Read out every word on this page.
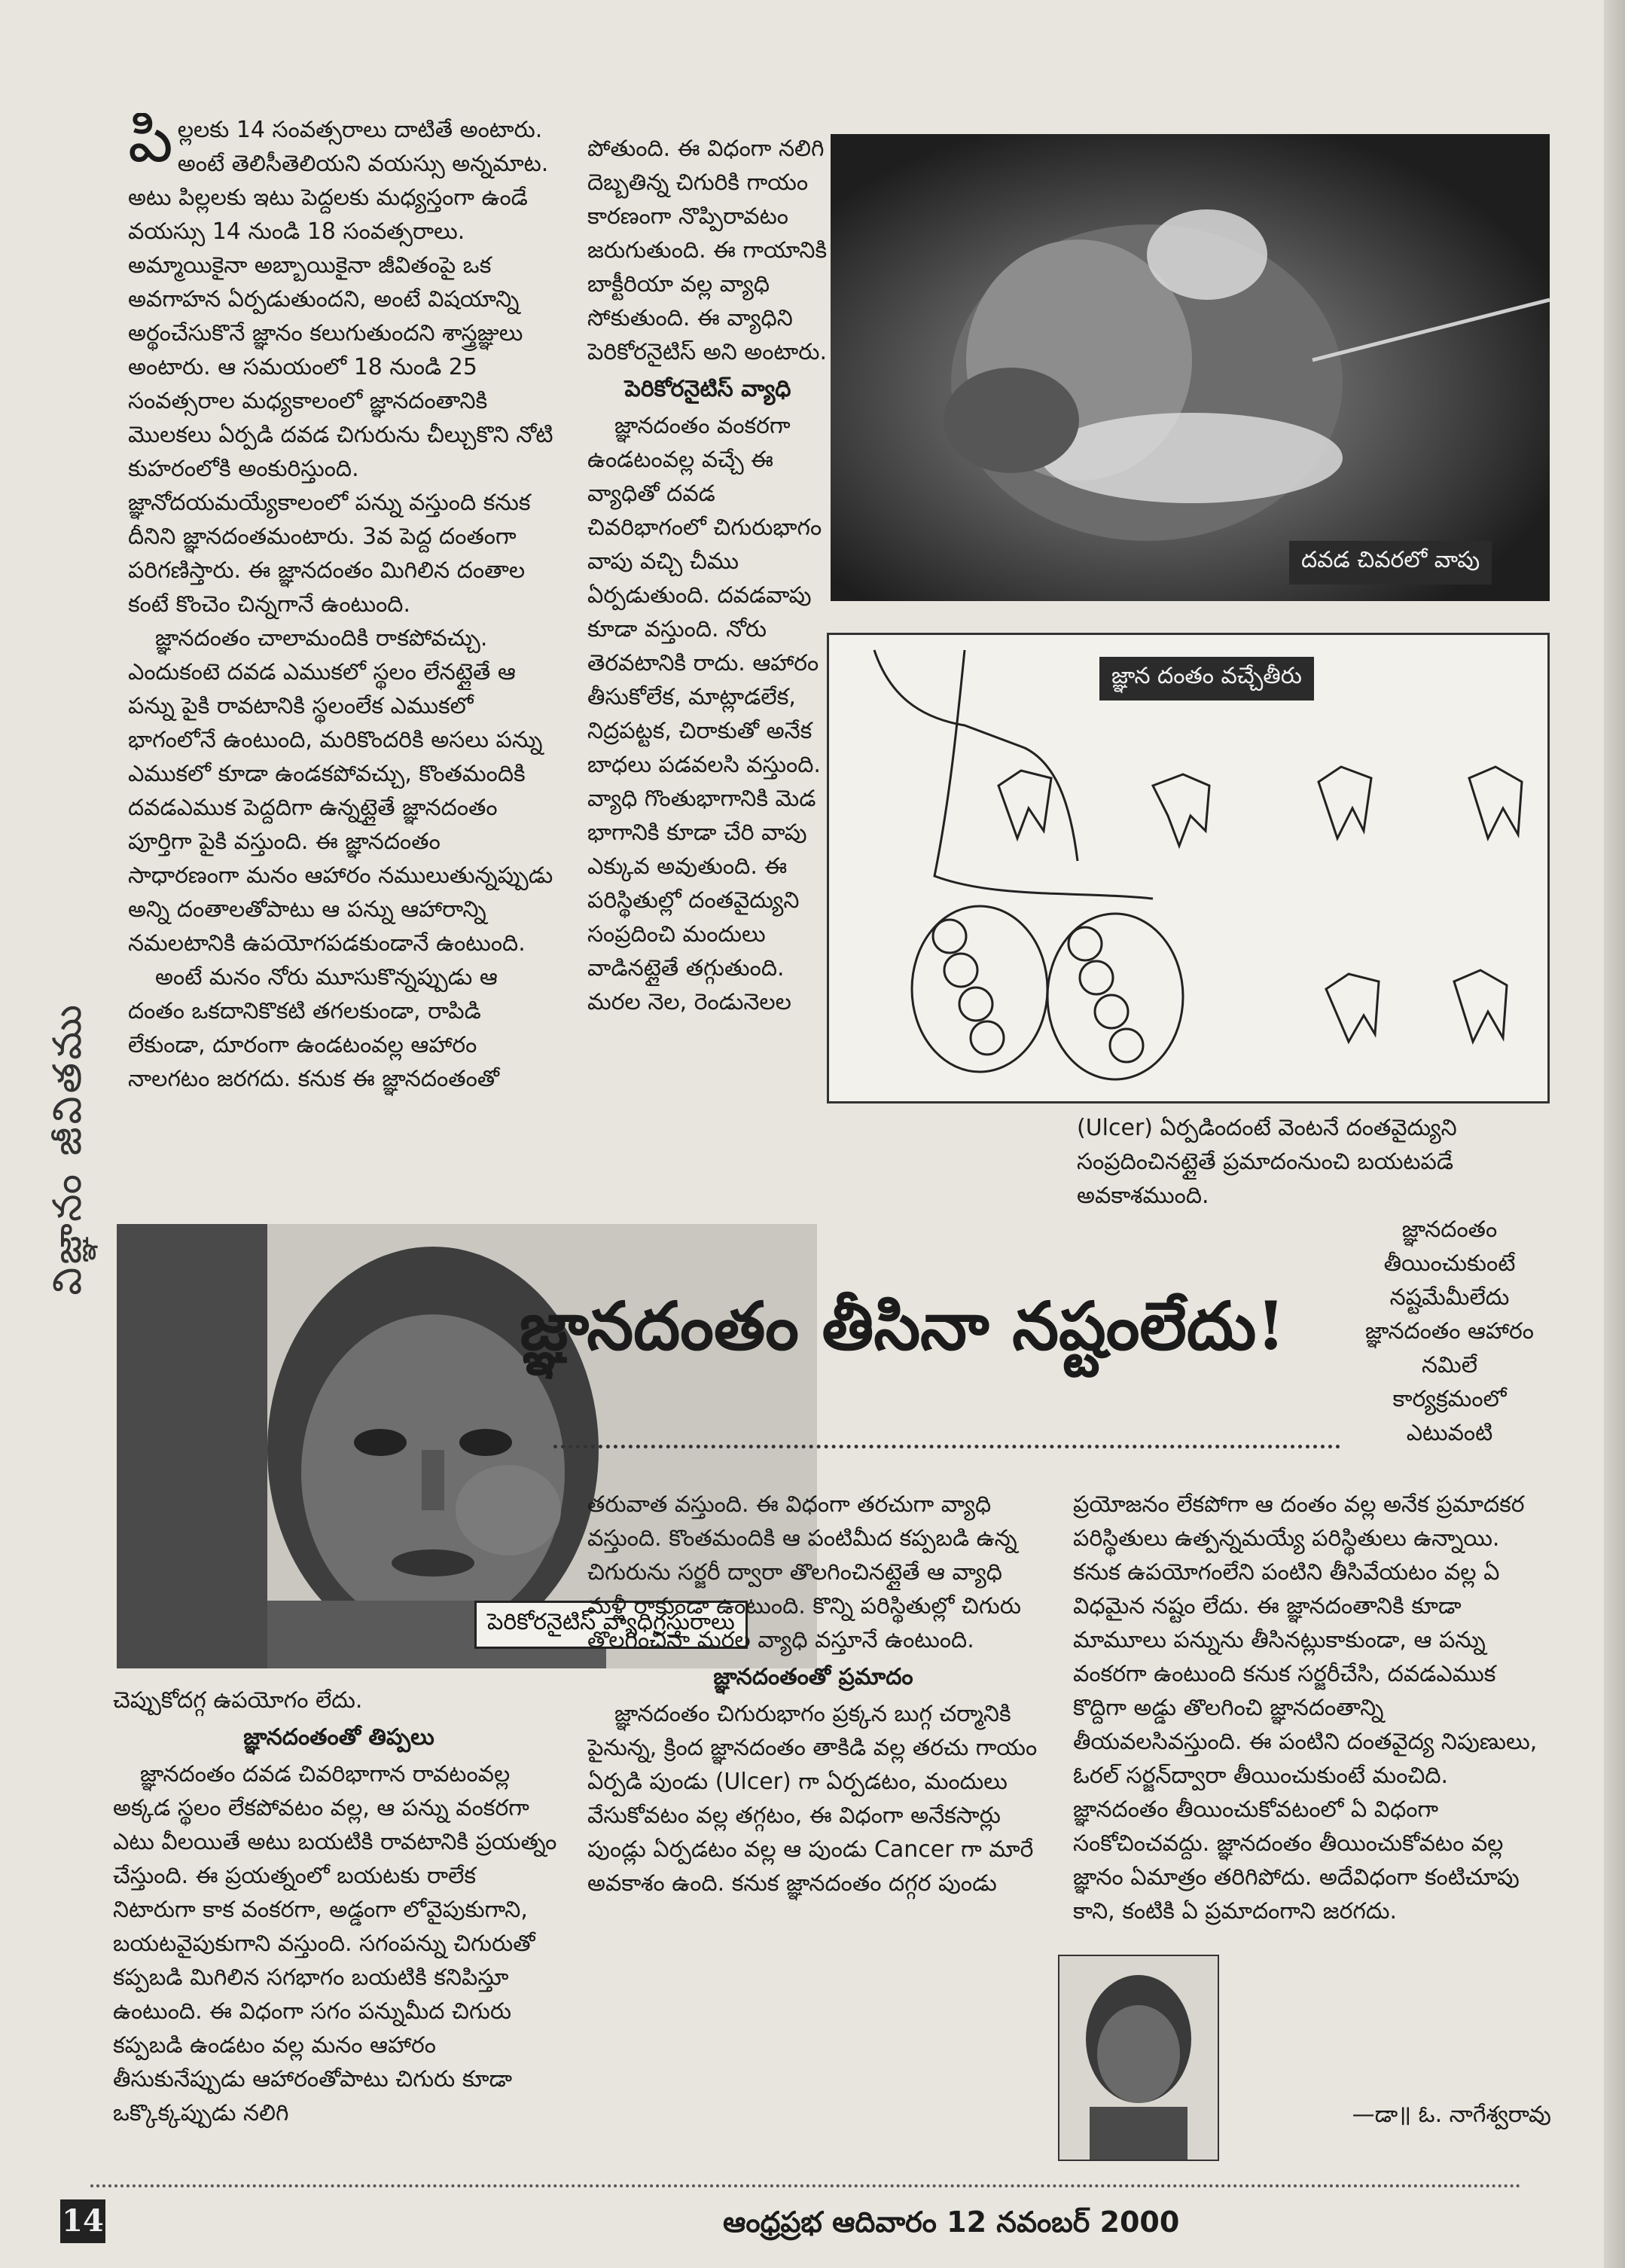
విజ్ఞానం జీవితము
పి ల్లలకు 14 సంవత్సరాలు దాటితే అంటారు. అంటే తెలిసీతెలియని వయస్సు అన్నమాట. అటు పిల్లలకు ఇటు పెద్దలకు మధ్యస్తంగా ఉండే వయస్సు 14 నుండి 18 సంవత్సరాలు. అమ్మాయికైనా అబ్బాయికైనా జీవితంపై ఒక అవగాహన ఏర్పడుతుందని, అంటే విషయాన్ని అర్థంచేసుకొనే జ్ఞానం కలుగుతుందని శాస్త్రజ్ఞులు అంటారు. ఆ సమయంలో 18 నుండి 25 సంవత్సరాల మధ్యకాలంలో జ్ఞానదంతానికి మొలకలు ఏర్పడి దవడ చిగురును చీల్చుకొని నోటి కుహరంలోకి అంకురిస్తుంది. జ్ఞానోదయమయ్యేకాలంలో పన్ను వస్తుంది కనుక దీనిని జ్ఞానదంతమంటారు. 3వ పెద్ద దంతంగా పరిగణిస్తారు. ఈ జ్ఞానదంతం మిగిలిన దంతాల కంటే కొంచెం చిన్నగానే ఉంటుంది.

జ్ఞానదంతం చాలామందికి రాకపోవచ్చు. ఎందుకంటె దవడ ఎముకలో స్థలం లేనట్లైతే ఆ పన్ను పైకి రావటానికి స్థలంలేక ఎముకలో భాగంలోనే ఉంటుంది, మరికొందరికి అసలు పన్ను ఎముకలో కూడా ఉండకపోవచ్చు, కొంతమందికి దవడఎముక పెద్దదిగా ఉన్నట్లైతే జ్ఞానదంతం పూర్తిగా పైకి వస్తుంది. ఈ జ్ఞానదంతం సాధారణంగా మనం ఆహారం నములుతున్నప్పుడు అన్ని దంతాలతోపాటు ఆ పన్ను ఆహారాన్ని నమలటానికి ఉపయోగపడకుండానే ఉంటుంది.

అంటే మనం నోరు మూసుకొన్నప్పుడు ఆ దంతం ఒకదానికొకటి తగలకుండా, రాపిడి లేకుండా, దూరంగా ఉండటంవల్ల ఆహారం నాలగటం జరగదు. కనుక ఈ జ్ఞానదంతంతో

పోతుంది. ఈ విధంగా నలిగి దెబ్బతిన్న చిగురికి గాయం కారణంగా నొప్పిరావటం జరుగుతుంది. ఈ గాయానికి బాక్టీరియా వల్ల వ్యాధి సోకుతుంది. ఈ వ్యాధిని పెరికోరనైటిస్ అని అంటారు.

పెరికోరనైటిస్ వ్యాధి

జ్ఞానదంతం వంకరగా ఉండటంవల్ల వచ్చే ఈ వ్యాధితో దవడ చివరిభాగంలో చిగురుభాగం వాపు వచ్చి చీము ఏర్పడుతుంది. దవడవాపు కూడా వస్తుంది. నోరు తెరవటానికి రాదు. ఆహారం తీసుకోలేక, మాట్లాడలేక, నిద్రపట్టక, చిరాకుతో అనేక బాధలు పడవలసి వస్తుంది. వ్యాధి గొంతుభాగానికి మెడ భాగానికి కూడా చేరి వాపు ఎక్కువ అవుతుంది. ఈ పరిస్థితుల్లో దంతవైద్యుని సంప్రదించి మందులు వాడినట్లైతే తగ్గుతుంది. మరల నెల, రెండునెలల

దవడ చివరలో వాపు
జ్ఞాన దంతం వచ్చేతీరు

(Ulcer) ఏర్పడిందంటే వెంటనే దంతవైద్యుని సంప్రదించినట్లైతే ప్రమాదంనుంచి బయటపడే అవకాశముంది.

పెరికోరనైటిస్ వ్యాధిగ్రస్తురాలు
జ్ఞానదంతం తీసినా నష్టంలేదు!

జ్ఞానదంతం తీయించుకుంటే నష్టమేమీలేదు జ్ఞానదంతం ఆహారం నమిలే కార్యక్రమంలో ఎటువంటి

చెప్పుకోదగ్గ ఉపయోగం లేదు.

జ్ఞానదంతంతో తిప్పలు

జ్ఞానదంతం దవడ చివరిభాగాన రావటంవల్ల అక్కడ స్థలం లేకపోవటం వల్ల, ఆ పన్ను వంకరగా ఎటు వీలయితే అటు బయటికి రావటానికి ప్రయత్నం చేస్తుంది. ఈ ప్రయత్నంలో బయటకు రాలేక నిటారుగా కాక వంకరగా, అడ్డంగా లోవైపుకుగాని, బయటవైపుకుగాని వస్తుంది. సగంపన్ను చిగురుతో కప్పబడి మిగిలిన సగభాగం బయటికి కనిపిస్తూ ఉంటుంది. ఈ విధంగా సగం పన్నుమీద చిగురు కప్పబడి ఉండటం వల్ల మనం ఆహారం తీసుకునేప్పుడు ఆహారంతోపాటు చిగురు కూడా ఒక్కొక్కప్పుడు నలిగి

తరువాత వస్తుంది. ఈ విధంగా తరచుగా వ్యాధి వస్తుంది. కొంతమందికి ఆ పంటిమీద కప్పబడి ఉన్న చిగురును సర్జరీ ద్వారా తొలగించినట్లైతే ఆ వ్యాధి మళ్లీ రాకుండా ఉంటుంది. కొన్ని పరిస్థితుల్లో చిగురు తొలగించినా మరల వ్యాధి వస్తూనే ఉంటుంది.

జ్ఞానదంతంతో ప్రమాదం

జ్ఞానదంతం చిగురుభాగం ప్రక్కన బుగ్గ చర్మానికి పైనున్న, క్రింద జ్ఞానదంతం తాకిడి వల్ల తరచు గాయం ఏర్పడి పుండు (Ulcer) గా ఏర్పడటం, మందులు వేసుకోవటం వల్ల తగ్గటం, ఈ విధంగా అనేకసార్లు పుండ్లు ఏర్పడటం వల్ల ఆ పుండు Cancer గా మారే అవకాశం ఉంది. కనుక జ్ఞానదంతం దగ్గర పుండు

ప్రయోజనం లేకపోగా ఆ దంతం వల్ల అనేక ప్రమాదకర పరిస్థితులు ఉత్పన్నమయ్యే పరిస్థితులు ఉన్నాయి. కనుక ఉపయోగంలేని పంటిని తీసివేయటం వల్ల ఏ విధమైన నష్టం లేదు. ఈ జ్ఞానదంతానికి కూడా మామూలు పన్నును తీసినట్లుకాకుండా, ఆ పన్ను వంకరగా ఉంటుంది కనుక సర్జరీచేసి, దవడఎముక కొద్దిగా అడ్డు తొలగించి జ్ఞానదంతాన్ని తీయవలసివస్తుంది. ఈ పంటిని దంతవైద్య నిపుణులు, ఓరల్ సర్జన్‌ద్వారా తీయించుకుంటే మంచిది. జ్ఞానదంతం తీయించుకోవటంలో ఏ విధంగా సంకోచించవద్దు. జ్ఞానదంతం తీయించుకోవటం వల్ల జ్ఞానం ఏమాత్రం తరిగిపోదు. అదేవిధంగా కంటిచూపు కాని, కంటికి ఏ ప్రమాదంగాని జరగదు.

—డా॥ ఓ. నాగేశ్వరావు
14	ఆంధ్రప్రభ ఆదివారం 12 నవంబర్ 2000
